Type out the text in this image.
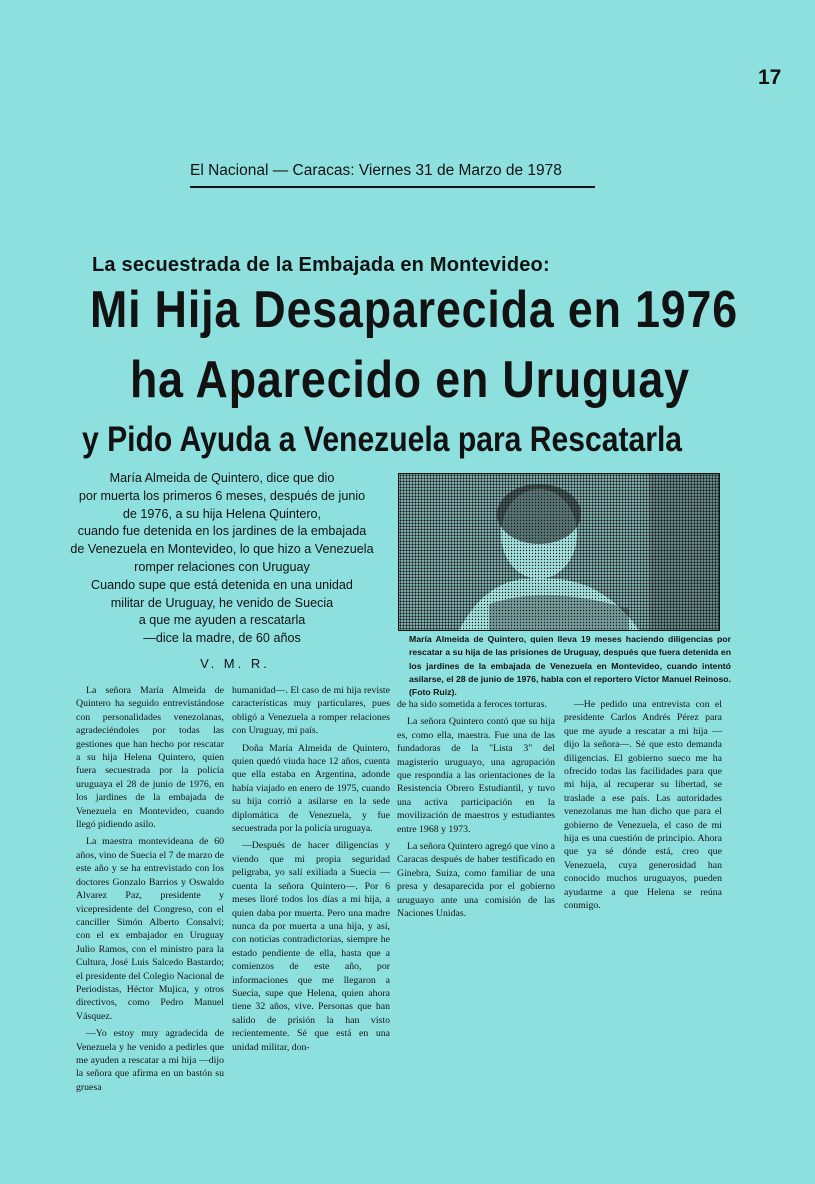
17
El Nacional — Caracas: Viernes 31 de Marzo de 1978
La secuestrada de la Embajada en Montevideo:
Mi Hija Desaparecida en 1976
ha Aparecido en Uruguay
y Pido Ayuda a Venezuela para Rescatarla

María Almeida de Quintero, dice que dio

por muerta los primeros 6 meses, después de junio

de 1976, a su hija Helena Quintero,

cuando fue detenida en los jardines de la embajada

de Venezuela en Montevideo, lo que hizo a Venezuela

romper relaciones con Uruguay

Cuando supe que está detenida en una unidad

militar de Uruguay, he venido de Suecia

a que me ayuden a rescatarla

—dice la madre, de 60 años

V. M. R.
María Almeida de Quintero, quien lleva 19 meses haciendo diligencias por rescatar a su hija de las prisiones de Uruguay, después que fuera detenida en los jardines de la embajada de Venezuela en Montevideo, cuando intentó asilarse, el 28 de junio de 1976, habla con el reportero Víctor Manuel Reinoso. (Foto Ruiz).

La señora María Almeida de Quintero ha seguido entrevistándose con personalidades venezolanas, agradeciéndoles por todas las gestiones que han hecho por rescatar a su hija Helena Quintero, quien fuera secuestrada por la policía uruguaya el 28 de junio de 1976, en los jardines de la embajada de Venezuela en Montevideo, cuando llegó pidiendo asilo.

La maestra montevideana de 60 años, vino de Suecia el 7 de marzo de este año y se ha entrevistado con los doctores Gonzalo Barrios y Oswaldo Alvarez Paz, presidente y vicepresidente del Congreso, con el canciller Simón Alberto Consalvi; con el ex embajador en Uruguay Julio Ramos, con el ministro para la Cultura, José Luis Salcedo Bastardo; el presidente del Colegio Nacional de Periodistas, Héctor Mujica, y otros directivos, como Pedro Manuel Vásquez.

—Yo estoy muy agradecida de Venezuela y he venido a pedirles que me ayuden a rescatar a mi hija —dijo la señora que afirma en un bastón su gruesa

humanidad—. El caso de mi hija reviste características muy particulares, pues obligó a Venezuela a romper relaciones con Uruguay, mi país.

Doña María Almeida de Quintero, quien quedó viuda hace 12 años, cuenta que ella estaba en Argentina, adonde había viajado en enero de 1975, cuando su hija corrió a asilarse en la sede diplomática de Venezuela, y fue secuestrada por la policía uruguaya.

—Después de hacer diligencias y viendo que mi propia seguridad peligraba, yo salí exiliada a Suecia —cuenta la señora Quintero—. Por 6 meses lloré todos los días a mi hija, a quien daba por muerta. Pero una madre nunca da por muerta a una hija, y así, con noticias contradictorias, siempre he estado pendiente de ella, hasta que a comienzos de este año, por informaciones que me llegaron a Suecia, supe que Helena, quien ahora tiene 32 años, vive. Personas que han salido de prisión la han visto recientemente. Sé que está en una unidad militar, don-

de ha sido sometida a feroces torturas.

La señora Quintero contó que su hija es, como ella, maestra. Fue una de las fundadoras de la "Lista 3" del magisterio uruguayo, una agrupación que respondía a las orientaciones de la Resistencia Obrero Estudiantil, y tuvo una activa participación en la movilización de maestros y estudiantes entre 1968 y 1973.

La señora Quintero agregó que vino a Caracas después de haber testificado en Ginebra, Suiza, como familiar de una presa y desaparecida por el gobierno uruguayo ante una comisión de las Naciones Unidas.

—He pedido una entrevista con el presidente Carlos Andrés Pérez para que me ayude a rescatar a mi hija —dijo la señora—. Sé que esto demanda diligencias. El gobierno sueco me ha ofrecido todas las facilidades para que mi hija, al recuperar su libertad, se traslade a ese país. Las autoridades venezolanas me han dicho que para el gobierno de Venezuela, el caso de mi hija es una cuestión de principio. Ahora que ya sé dónde está, creo que Venezuela, cuya generosidad han conocido muchos uruguayos, pueden ayudarme a que Helena se reúna conmigo.
